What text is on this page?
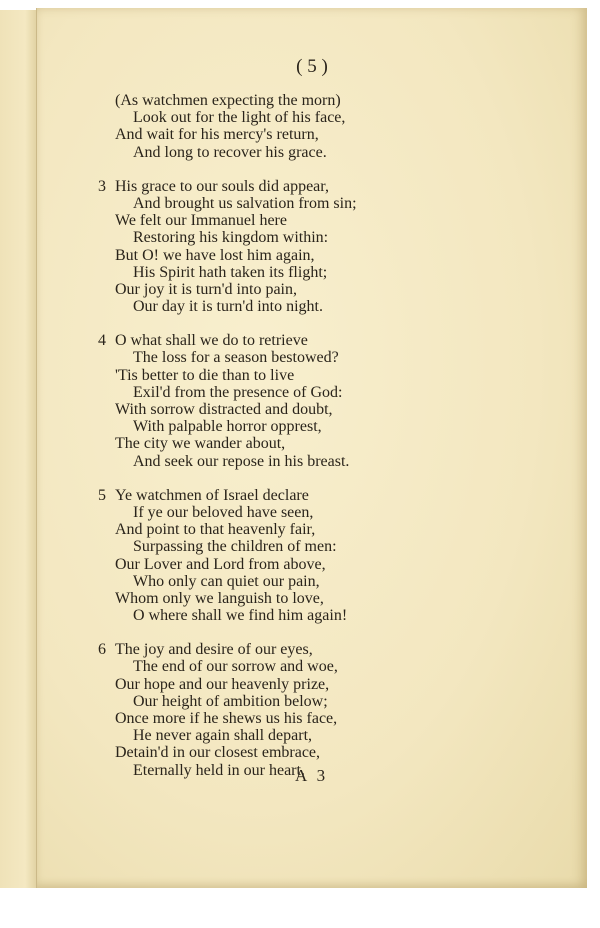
( 5 )
(As watchmen expecting the morn)
Look out for the light of his face,
And wait for his mercy's return,
And long to recover his grace.
3 His grace to our souls did appear,
And brought us salvation from sin;
We felt our Immanuel here
Restoring his kingdom within:
But O! we have lost him again,
His Spirit hath taken its flight;
Our joy it is turn'd into pain,
Our day it is turn'd into night.
4 O what shall we do to retrieve
The loss for a season bestowed?
'Tis better to die than to live
Exil'd from the presence of God:
With sorrow distracted and doubt,
With palpable horror opprest,
The city we wander about,
And seek our repose in his breast.
5 Ye watchmen of Israel declare
If ye our beloved have seen,
And point to that heavenly fair,
Surpassing the children of men:
Our Lover and Lord from above,
Who only can quiet our pain,
Whom only we languish to love,
O where shall we find him again!
6 The joy and desire of our eyes,
The end of our sorrow and woe,
Our hope and our heavenly prize,
Our height of ambition below;
Once more if he shews us his face,
He never again shall depart,
Detain'd in our closest embrace,
Eternally held in our heart.
A 3
